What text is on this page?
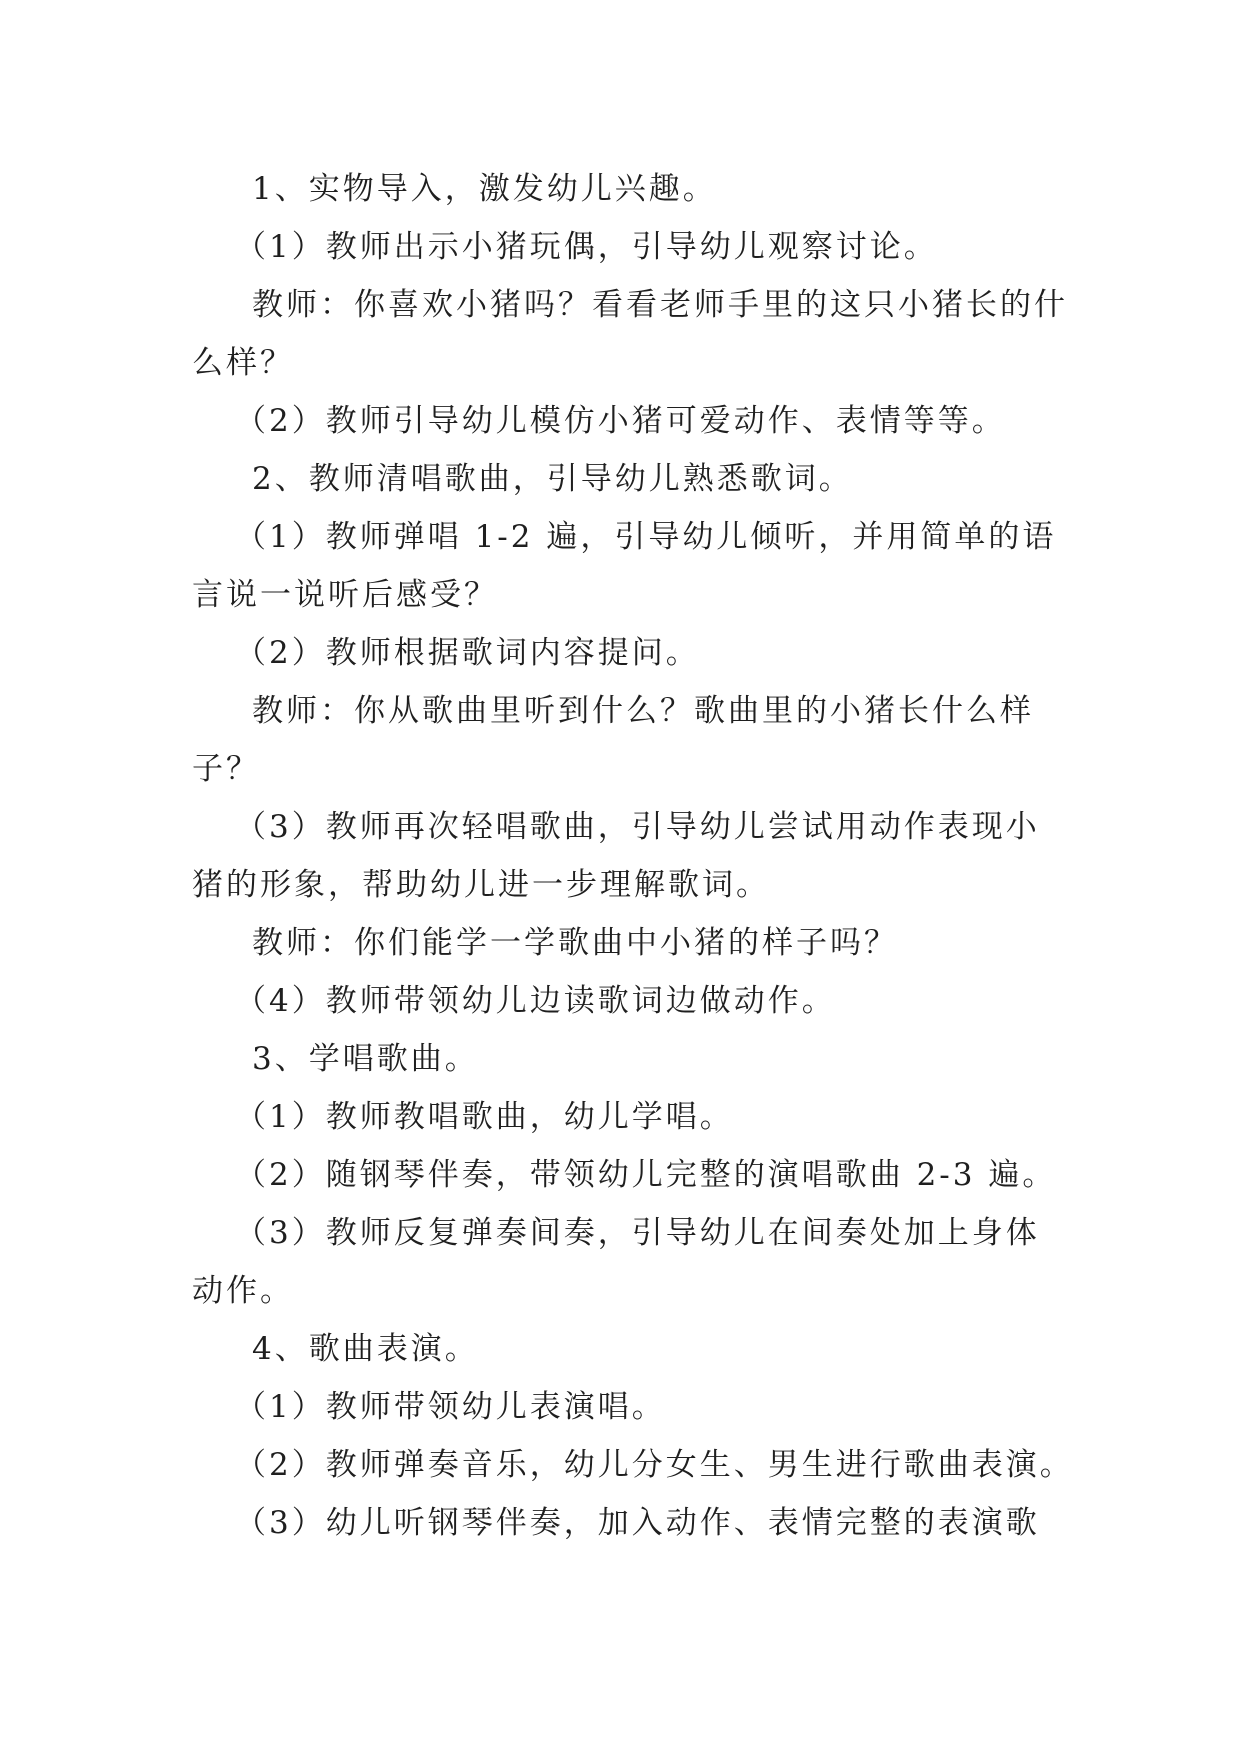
1、实物导入，激发幼儿兴趣。

（1）教师出示小猪玩偶，引导幼儿观察讨论。

教师：你喜欢小猪吗？看看老师手里的这只小猪长的什

么样？

（2）教师引导幼儿模仿小猪可爱动作、表情等等。

2、教师清唱歌曲，引导幼儿熟悉歌词。

（1）教师弹唱 1-2 遍，引导幼儿倾听，并用简单的语

言说一说听后感受？

（2）教师根据歌词内容提问。

教师：你从歌曲里听到什么？歌曲里的小猪长什么样

子？

（3）教师再次轻唱歌曲，引导幼儿尝试用动作表现小

猪的形象，帮助幼儿进一步理解歌词。

教师：你们能学一学歌曲中小猪的样子吗？

（4）教师带领幼儿边读歌词边做动作。

3、学唱歌曲。

（1）教师教唱歌曲，幼儿学唱。

（2）随钢琴伴奏，带领幼儿完整的演唱歌曲 2-3 遍。

（3）教师反复弹奏间奏，引导幼儿在间奏处加上身体

动作。

4、歌曲表演。

（1）教师带领幼儿表演唱。

（2）教师弹奏音乐，幼儿分女生、男生进行歌曲表演。

（3）幼儿听钢琴伴奏，加入动作、表情完整的表演歌
